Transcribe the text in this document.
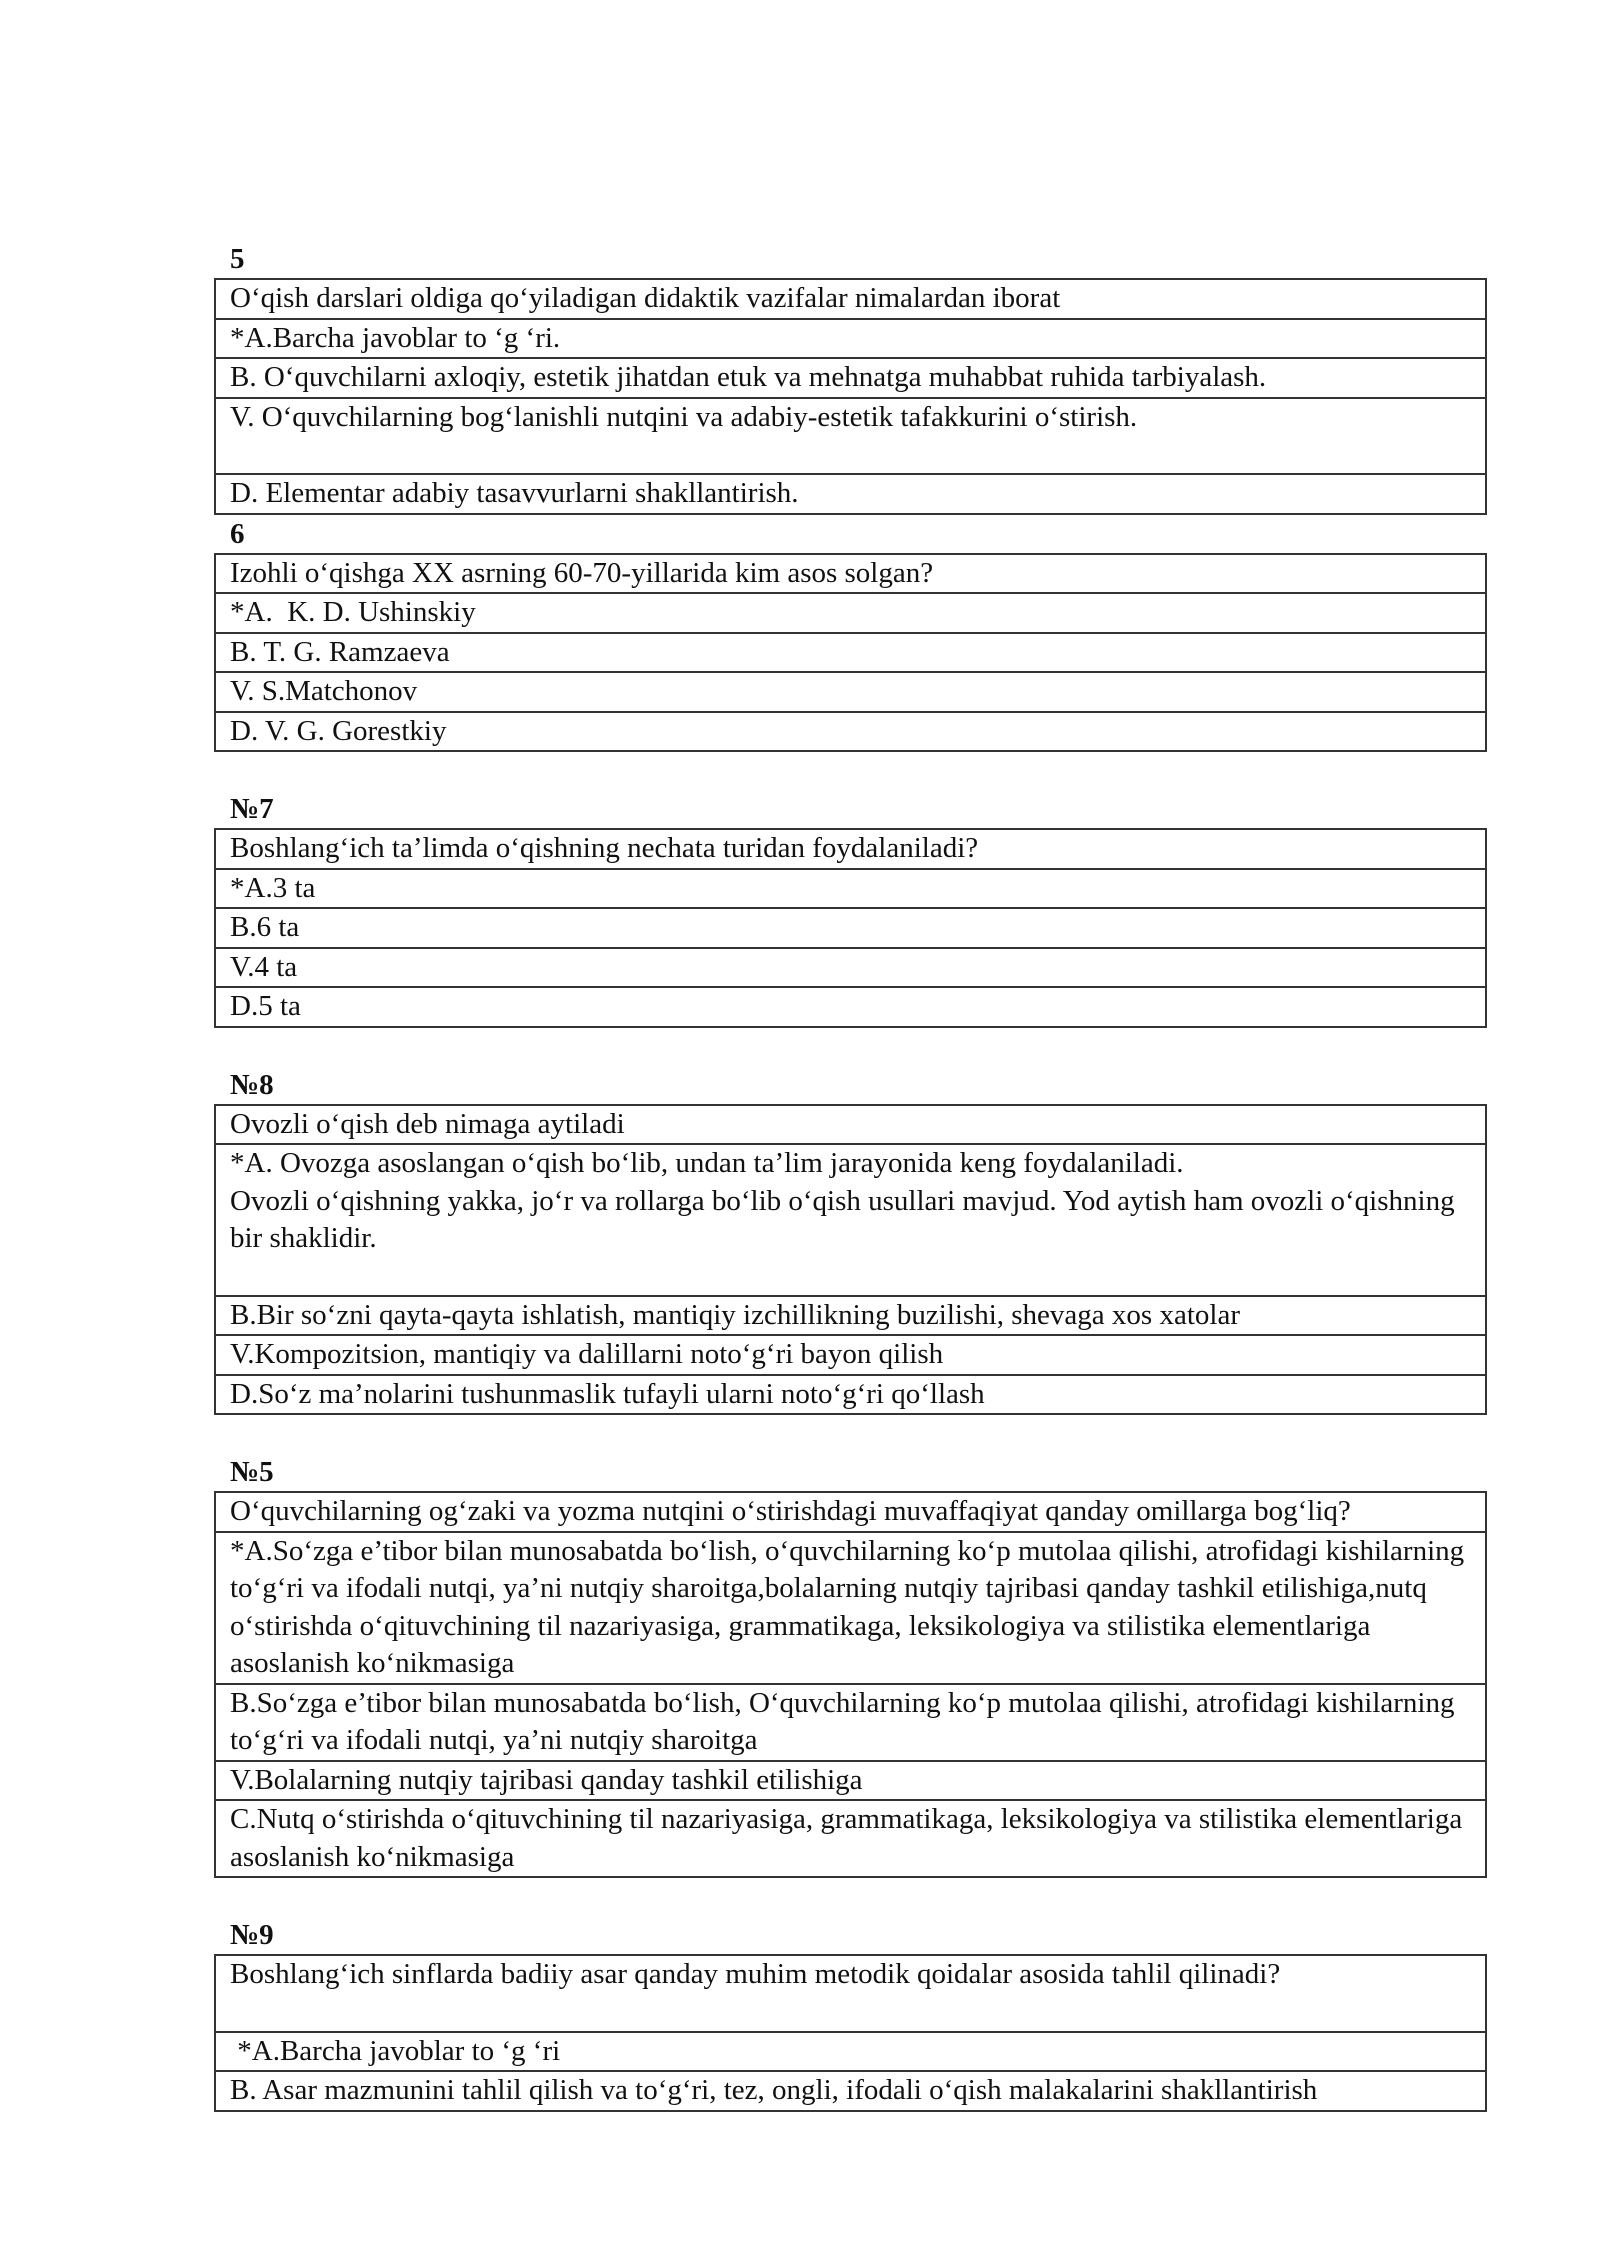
5
O‘qish darslari oldiga qo‘yiladigan didaktik vazifalar nimalardan iborat
*A.Barcha javoblar to ‘g ‘ri.
B. O‘quvchilarni axloqiy, estetik jihatdan etuk va mehnatga muhabbat ruhida tarbiyalash.
V. O‘quvchilarning bog‘lanishli nutqini va adabiy-estetik tafakkurini o‘stirish.
D. Elementar adabiy tasavvurlarni shakllantirish.
6
Izohli o‘qishga XX asrning 60-70-yillarida kim asos solgan?
*A.  K. D. Ushinskiy
B. T. G. Ramzaeva
V. S.Matchonov
D. V. G. Gorestkiy
№7
Boshlang‘ich ta’limda o‘qishning nechata turidan foydalaniladi?
*A.3 ta
B.6 ta
V.4 ta
D.5 ta
№8
Ovozli o‘qish deb nimaga aytiladi

*A. Ovozga asoslangan o‘qish bo‘lib, undan ta’lim jarayonida keng foydalaniladi.
Ovozli o‘qishning yakka, jo‘r va rollarga bo‘lib o‘qish usullari mavjud. Yod aytish ham ovozli o‘qishning bir shaklidir.

B.Bir so‘zni qayta-qayta ishlatish, mantiqiy izchillikning buzilishi, shevaga xos xatolar
V.Kompozitsion, mantiqiy va dalillarni noto‘g‘ri bayon qilish
D.So‘z ma’nolarini tushunmaslik tufayli ularni noto‘g‘ri qo‘llash
№5
O‘quvchilarning og‘zaki va yozma nutqini o‘stirishdagi muvaffaqiyat qanday omillarga bog‘liq?
*A.So‘zga e’tibor bilan munosabatda bo‘lish, o‘quvchilarning ko‘p mutolaa qilishi, atrofidagi kishilarning to‘g‘ri va ifodali nutqi, ya’ni nutqiy sharoitga,bolalarning nutqiy tajribasi qanday tashkil etilishiga,nutq o‘stirishda o‘qituvchining til nazariyasiga, grammatikaga, leksikologiya va stilistika elementlariga asoslanish ko‘nikmasiga
B.So‘zga e’tibor bilan munosabatda bo‘lish, O‘quvchilarning ko‘p mutolaa qilishi, atrofidagi kishilarning to‘g‘ri va ifodali nutqi, ya’ni nutqiy sharoitga
V.Bolalarning nutqiy tajribasi qanday tashkil etilishiga
C.Nutq o‘stirishda o‘qituvchining til nazariyasiga, grammatikaga, leksikologiya va stilistika elementlariga asoslanish ko‘nikmasiga
№9
Boshlang‘ich sinflarda badiiy asar qanday muhim metodik qoidalar asosida tahlil qilinadi?
*A.Barcha javoblar to ‘g ‘ri
B. Asar mazmunini tahlil qilish va to‘g‘ri, tez, ongli, ifodali o‘qish malakalarini shakllantirish
